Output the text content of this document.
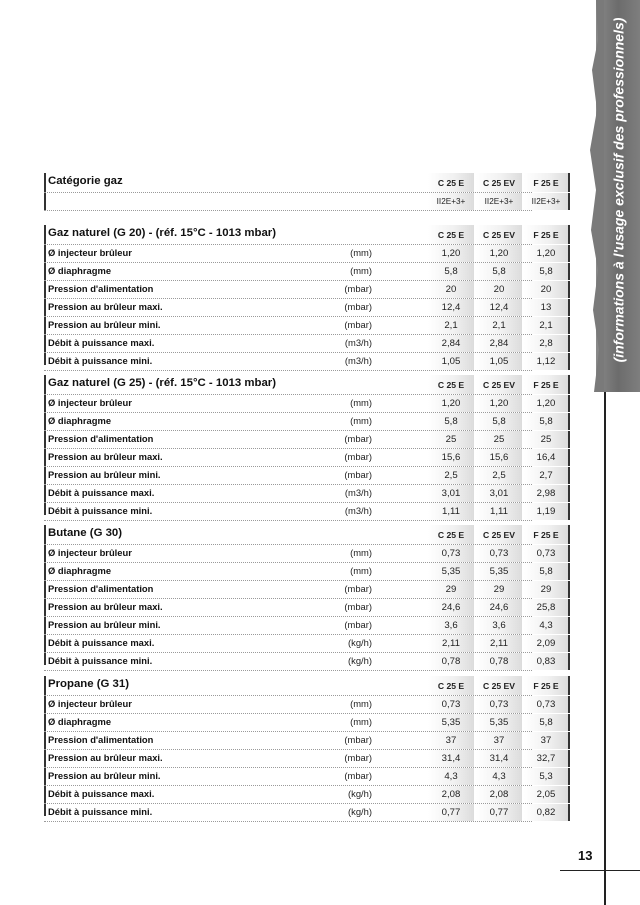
(informations à l'usage exclusif des professionnels)
13
Catégorie gaz	C 25 E	C 25 EV	F 25 E
II2E+3+	II2E+3+	II2E+3+
Gaz naturel (G 20) - (réf. 15°C - 1013 mbar)	C 25 E	C 25 EV	F 25 E
Ø injecteur brûleur	(mm)	1,20	1,20	1,20
Ø diaphragme	(mm)	5,8	5,8	5,8
Pression d'alimentation	(mbar)	20	20	20
Pression au brûleur maxi.	(mbar)	12,4	12,4	13
Pression au brûleur mini.	(mbar)	2,1	2,1	2,1
Débit à puissance maxi.	(m3/h)	2,84	2,84	2,8
Débit à puissance mini.	(m3/h)	1,05	1,05	1,12
Gaz naturel (G 25) - (réf. 15°C - 1013 mbar)	C 25 E	C 25 EV	F 25 E
Ø injecteur brûleur	(mm)	1,20	1,20	1,20
Ø diaphragme	(mm)	5,8	5,8	5,8
Pression d'alimentation	(mbar)	25	25	25
Pression au brûleur maxi.	(mbar)	15,6	15,6	16,4
Pression au brûleur mini.	(mbar)	2,5	2,5	2,7
Débit à puissance maxi.	(m3/h)	3,01	3,01	2,98
Débit à puissance mini.	(m3/h)	1,11	1,11	1,19
Butane (G 30)	C 25 E	C 25 EV	F 25 E
Ø injecteur brûleur	(mm)	0,73	0,73	0,73
Ø diaphragme	(mm)	5,35	5,35	5,8
Pression d'alimentation	(mbar)	29	29	29
Pression au brûleur maxi.	(mbar)	24,6	24,6	25,8
Pression au brûleur mini.	(mbar)	3,6	3,6	4,3
Débit à puissance maxi.	(kg/h)	2,11	2,11	2,09
Débit à puissance mini.	(kg/h)	0,78	0,78	0,83
Propane (G 31)	C 25 E	C 25 EV	F 25 E
Ø injecteur brûleur	(mm)	0,73	0,73	0,73
Ø diaphragme	(mm)	5,35	5,35	5,8
Pression d'alimentation	(mbar)	37	37	37
Pression au brûleur maxi.	(mbar)	31,4	31,4	32,7
Pression au brûleur mini.	(mbar)	4,3	4,3	5,3
Débit à puissance maxi.	(kg/h)	2,08	2,08	2,05
Débit à puissance mini.	(kg/h)	0,77	0,77	0,82
